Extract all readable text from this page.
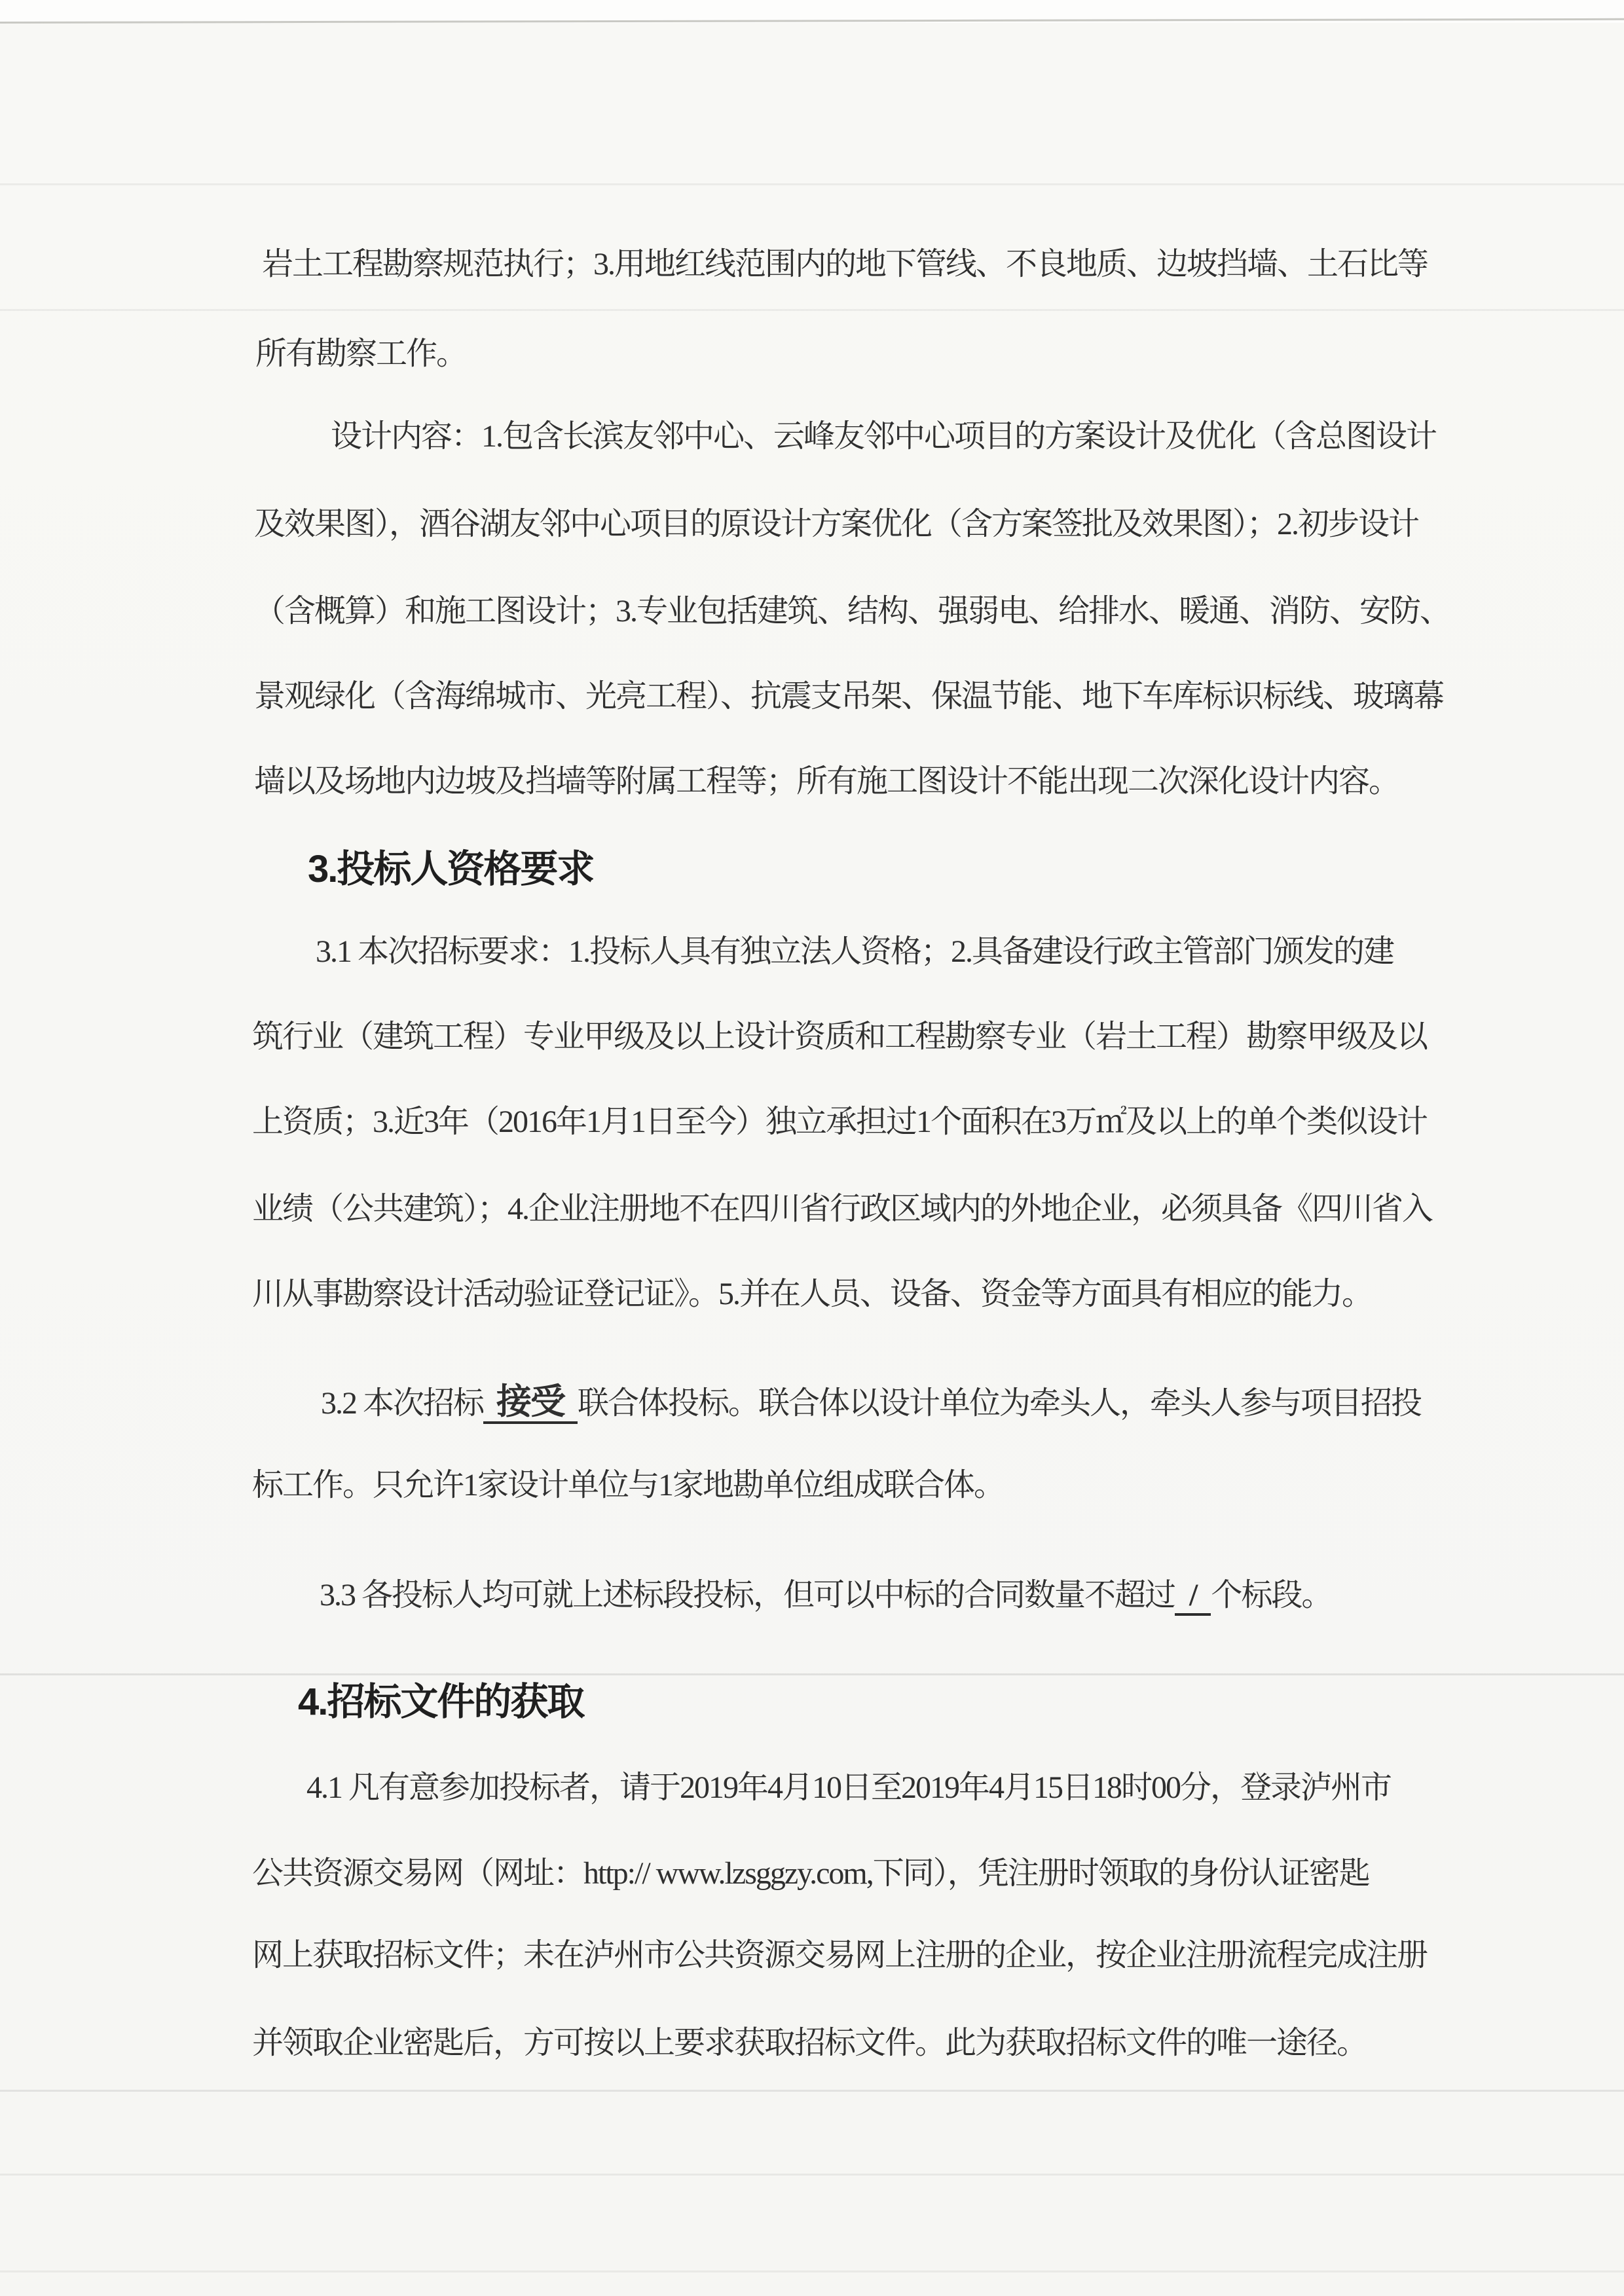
岩土工程勘察规范执行；3.用地红线范围内的地下管线、不良地质、边坡挡墙、土石比等
所有勘察工作。
设计内容：1.包含长滨友邻中心、云峰友邻中心项目的方案设计及优化（含总图设计
及效果图），酒谷湖友邻中心项目的原设计方案优化（含方案签批及效果图）；2.初步设计
（含概算）和施工图设计；3.专业包括建筑、结构、强弱电、给排水、暖通、消防、安防、
景观绿化（含海绵城市、光亮工程）、抗震支吊架、保温节能、地下车库标识标线、玻璃幕
墙以及场地内边坡及挡墙等附属工程等；所有施工图设计不能出现二次深化设计内容。
3.投标人资格要求
3.1 本次招标要求：1.投标人具有独立法人资格；2.具备建设行政主管部门颁发的建
筑行业（建筑工程）专业甲级及以上设计资质和工程勘察专业（岩土工程）勘察甲级及以
上资质；3.近3年（2016年1月1日至今）独立承担过1个面积在3万㎡及以上的单个类似设计
业绩（公共建筑）；4.企业注册地不在四川省行政区域内的外地企业，必须具备《四川省入
川从事勘察设计活动验证登记证》。5.并在人员、设备、资金等方面具有相应的能力。
3.2 本次招标 接受 联合体投标。联合体以设计单位为牵头人，牵头人参与项目招投
标工作。只允许1家设计单位与1家地勘单位组成联合体。
3.3 各投标人均可就上述标段投标，但可以中标的合同数量不超过 / 个标段。
4.招标文件的获取
4.1 凡有意参加投标者，请于2019年4月10日至2019年4月15日18时00分，登录泸州市
公共资源交易网（网址：http:// www.lzsggzy.com,下同），凭注册时领取的身份认证密匙
网上获取招标文件；未在泸州市公共资源交易网上注册的企业，按企业注册流程完成注册
并领取企业密匙后，方可按以上要求获取招标文件。此为获取招标文件的唯一途径。
